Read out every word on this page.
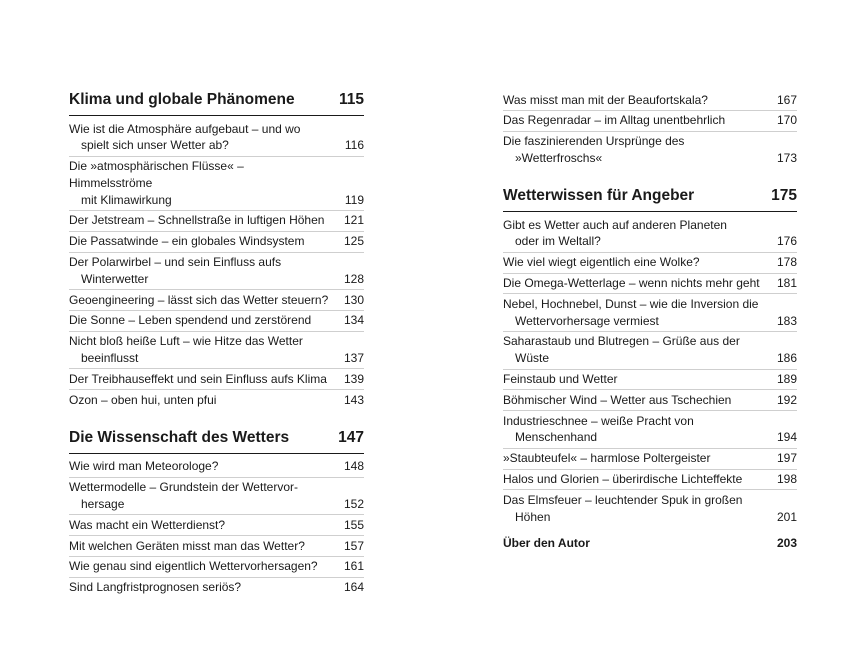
Klima und globale Phänomene	115
Wie ist die Atmosphäre aufgebaut – und wo
spielt sich unser Wetter ab?	116
Die »atmosphärischen Flüsse« – Himmelsströme
mit Klimawirkung	119
Der Jetstream – Schnellstraße in luftigen Höhen	121
Die Passatwinde – ein globales Windsystem	125
Der Polarwirbel – und sein Einfluss aufs
Winterwetter	128
Geoengineering – lässt sich das Wetter steuern? 130
Die Sonne – Leben spendend und zerstörend	134
Nicht bloß heiße Luft – wie Hitze das Wetter
beeinflusst	137
Der Treibhauseffekt und sein Einfluss aufs Klima 139
Ozon – oben hui, unten pfui	143
Die Wissenschaft des Wetters	147
Wie wird man Meteorologe?	148
Wettermodelle – Grundstein der Wettervor-
hersage	152
Was macht ein Wetterdienst?	155
Mit welchen Geräten misst man das Wetter?	157
Wie genau sind eigentlich Wettervorhersagen?	161
Sind Langfristprognosen seriös?	164
Was misst man mit der Beaufortskala?	167
Das Regenradar – im Alltag unentbehrlich	170
Die faszinierenden Ursprünge des
»Wetterfroschs«	173
Wetterwissen für Angeber	175
Gibt es Wetter auch auf anderen Planeten
oder im Weltall?	176
Wie viel wiegt eigentlich eine Wolke?	178
Die Omega-Wetterlage – wenn nichts mehr geht 181
Nebel, Hochnebel, Dunst – wie die Inversion die
Wettervorhersage vermiest	183
Saharastaub und Blutregen – Grüße aus der
Wüste	186
Feinstaub und Wetter	189
Böhmischer Wind – Wetter aus Tschechien	192
Industrieschnee – weiße Pracht von
Menschenhand	194
»Staubteufel« – harmlose Poltergeister	197
Halos und Glorien – überirdische Lichteffekte	198
Das Elmsfeuer – leuchtender Spuk in großen
Höhen	201
Über den Autor	203
